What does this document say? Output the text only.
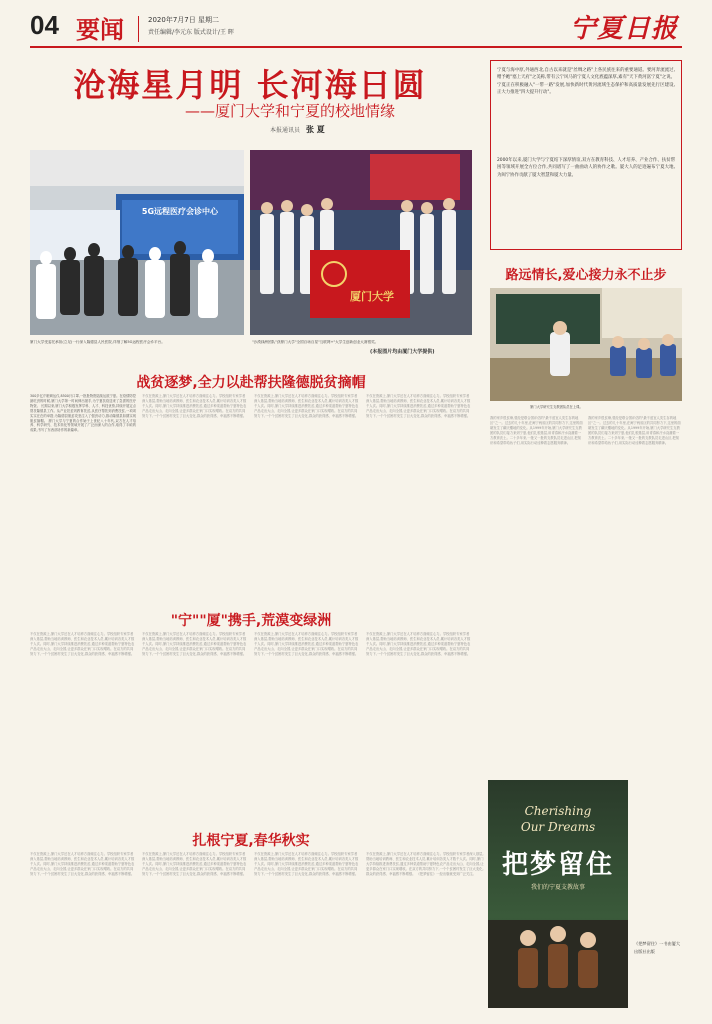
04 要闻	2020年7月7日 星期二
责任编辑/李元东 版式设计/王 晖	宁夏日报
沧海星月明 长河海日圆
——厦门大学和宁夏的校地情缘
本报通讯员 张 夏
5G远程医疗会诊中心
厦门大学受委托承担(立足)一行深入隆德县人民医院,详细了解5G远程医疗会诊平台。
厦门大学
"沙漠绿洲团队"获厦门大学"全国百场百星"互联网+"大学生创新创业大赛银奖。
(本报图片均由厦门大学提供)
宁夏与海中原,外通西北,自古以来就是"丝绸之路"上各民族往来的重要通道。要河奔流流过,赠予她"塞上天府"之美称,带有云宁风马的宁夏人文化底蕴深厚,素有"天下黄河富宁夏"之说。宁夏正在积极融入"一带一路"发展,加快新时代黄河流域生态保护和高质量发展先行区建设,正大力推进"四大提升行动"。
2000年以来,厦门大学与宁夏结下深厚情谊,双方在教育科技、人才培养、产业合作、扶贫帮困等领域开展全方位合作,共同谱写了一曲曲动人的协作之歌。厦大人的足迹遍布宁夏大地,为闽宁协作贡献了厦大智慧和厦大力量。
路远情长,爱心接力永不止步
厦门大学研究生支教团队员在上课。
我的家乡很贫瘠,曾经是联合国评估的"最不适宜人类生存的地区"之一。过去的几十年里,在闽宁两省区的共同努力下,这里的面貌发生了翻天覆地的变化。从1999年开始,厦门大学研究生支教团的队员们接力来到宁夏,他们扎根基层,用青春和汗水浇灌着一方教育沃土。二十多年来,一批又一批的支教队员走进山区,把知识和希望带给孩子们,用实际行动诠释着志愿服务精神。
我的家乡很贫瘠,曾经是联合国评估的"最不适宜人类生存的地区"之一。过去的几十年里,在闽宁两省区的共同努力下,这里的面貌发生了翻天覆地的变化。从1999年开始,厦门大学研究生支教团的队员们接力来到宁夏,他们扎根基层,用青春和汗水浇灌着一方教育沃土。二十多年来,一批又一批的支教队员走进山区,把知识和希望带给孩子们,用实际行动诠释着志愿服务精神。
Cherishing
Our Dreams
把梦留住
我们的宁夏支教故事
《把梦留住》一书由厦大出版社出版
战贫逐梦,全力以赴帮扶隆德脱贫摘帽
300多亿斤粮调运仅,8500只口罩,一批批物资陆续运抵宁夏。在疫情防控最吃劲的时候,厦门大学第一时间伸出援手,为宁夏抗疫送来了急需的医疗物资。 长期以来,厦门大学积极发挥学科、人才、科技优势,持续开展定点帮扶隆德县工作。从产业扶贫到教育扶贫,从医疗帮扶到消费扶贫,一项项实实在在的举措,为隆德县脱贫攻坚注入了强劲动力,推动隆德县如期实现脱贫摘帽。 厦门大学与宁夏的合作始于上世纪八十年代,双方在人才培养、科学研究、技术转化等领域开展了广泛而深入的合作,取得了丰硕的成果,书写了东西部协作的新篇章。
不仅在资源上,厦门大学还在人才培养方面倾注心力。学校组织专家学者深入基层,帮助当地培训教师、医生和农业技术人员,累计培训各类人才数千人次。同时,厦门大学持续推进消费扶贫,通过多种渠道帮助宁夏特色农产品走出大山、走向全国,让更多群众在家门口实现增收。在双方的共同努力下,一个个贫困村发生了巨大变化,群众的获得感、幸福感不断增强。
不仅在资源上,厦门大学还在人才培养方面倾注心力。学校组织专家学者深入基层,帮助当地培训教师、医生和农业技术人员,累计培训各类人才数千人次。同时,厦门大学持续推进消费扶贫,通过多种渠道帮助宁夏特色农产品走出大山、走向全国,让更多群众在家门口实现增收。在双方的共同努力下,一个个贫困村发生了巨大变化,群众的获得感、幸福感不断增强。
不仅在资源上,厦门大学还在人才培养方面倾注心力。学校组织专家学者深入基层,帮助当地培训教师、医生和农业技术人员,累计培训各类人才数千人次。同时,厦门大学持续推进消费扶贫,通过多种渠道帮助宁夏特色农产品走出大山、走向全国,让更多群众在家门口实现增收。在双方的共同努力下,一个个贫困村发生了巨大变化,群众的获得感、幸福感不断增强。
"宁""厦"携手,荒漠变绿洲
不仅在资源上,厦门大学还在人才培养方面倾注心力。学校组织专家学者深入基层,帮助当地培训教师、医生和农业技术人员,累计培训各类人才数千人次。同时,厦门大学持续推进消费扶贫,通过多种渠道帮助宁夏特色农产品走出大山、走向全国,让更多群众在家门口实现增收。在双方的共同努力下,一个个贫困村发生了巨大变化,群众的获得感、幸福感不断增强。
不仅在资源上,厦门大学还在人才培养方面倾注心力。学校组织专家学者深入基层,帮助当地培训教师、医生和农业技术人员,累计培训各类人才数千人次。同时,厦门大学持续推进消费扶贫,通过多种渠道帮助宁夏特色农产品走出大山、走向全国,让更多群众在家门口实现增收。在双方的共同努力下,一个个贫困村发生了巨大变化,群众的获得感、幸福感不断增强。
不仅在资源上,厦门大学还在人才培养方面倾注心力。学校组织专家学者深入基层,帮助当地培训教师、医生和农业技术人员,累计培训各类人才数千人次。同时,厦门大学持续推进消费扶贫,通过多种渠道帮助宁夏特色农产品走出大山、走向全国,让更多群众在家门口实现增收。在双方的共同努力下,一个个贫困村发生了巨大变化,群众的获得感、幸福感不断增强。
不仅在资源上,厦门大学还在人才培养方面倾注心力。学校组织专家学者深入基层,帮助当地培训教师、医生和农业技术人员,累计培训各类人才数千人次。同时,厦门大学持续推进消费扶贫,通过多种渠道帮助宁夏特色农产品走出大山、走向全国,让更多群众在家门口实现增收。在双方的共同努力下,一个个贫困村发生了巨大变化,群众的获得感、幸福感不断增强。
扎根宁夏,春华秋实
不仅在资源上,厦门大学还在人才培养方面倾注心力。学校组织专家学者深入基层,帮助当地培训教师、医生和农业技术人员,累计培训各类人才数千人次。同时,厦门大学持续推进消费扶贫,通过多种渠道帮助宁夏特色农产品走出大山、走向全国,让更多群众在家门口实现增收。在双方的共同努力下,一个个贫困村发生了巨大变化,群众的获得感、幸福感不断增强。
不仅在资源上,厦门大学还在人才培养方面倾注心力。学校组织专家学者深入基层,帮助当地培训教师、医生和农业技术人员,累计培训各类人才数千人次。同时,厦门大学持续推进消费扶贫,通过多种渠道帮助宁夏特色农产品走出大山、走向全国,让更多群众在家门口实现增收。在双方的共同努力下,一个个贫困村发生了巨大变化,群众的获得感、幸福感不断增强。
不仅在资源上,厦门大学还在人才培养方面倾注心力。学校组织专家学者深入基层,帮助当地培训教师、医生和农业技术人员,累计培训各类人才数千人次。同时,厦门大学持续推进消费扶贫,通过多种渠道帮助宁夏特色农产品走出大山、走向全国,让更多群众在家门口实现增收。在双方的共同努力下,一个个贫困村发生了巨大变化,群众的获得感、幸福感不断增强。
不仅在资源上,厦门大学还在人才培养方面倾注心力。学校组织专家学者深入基层,帮助当地培训教师、医生和农业技术人员,累计培训各类人才数千人次。同时,厦门大学持续推进消费扶贫,通过多种渠道帮助宁夏特色农产品走出大山、走向全国,让更多群众在家门口实现增收。在双方的共同努力下,一个个贫困村发生了巨大变化,群众的获得感、幸福感不断增强。 《把梦留住》一经出版就受到广泛关注。
